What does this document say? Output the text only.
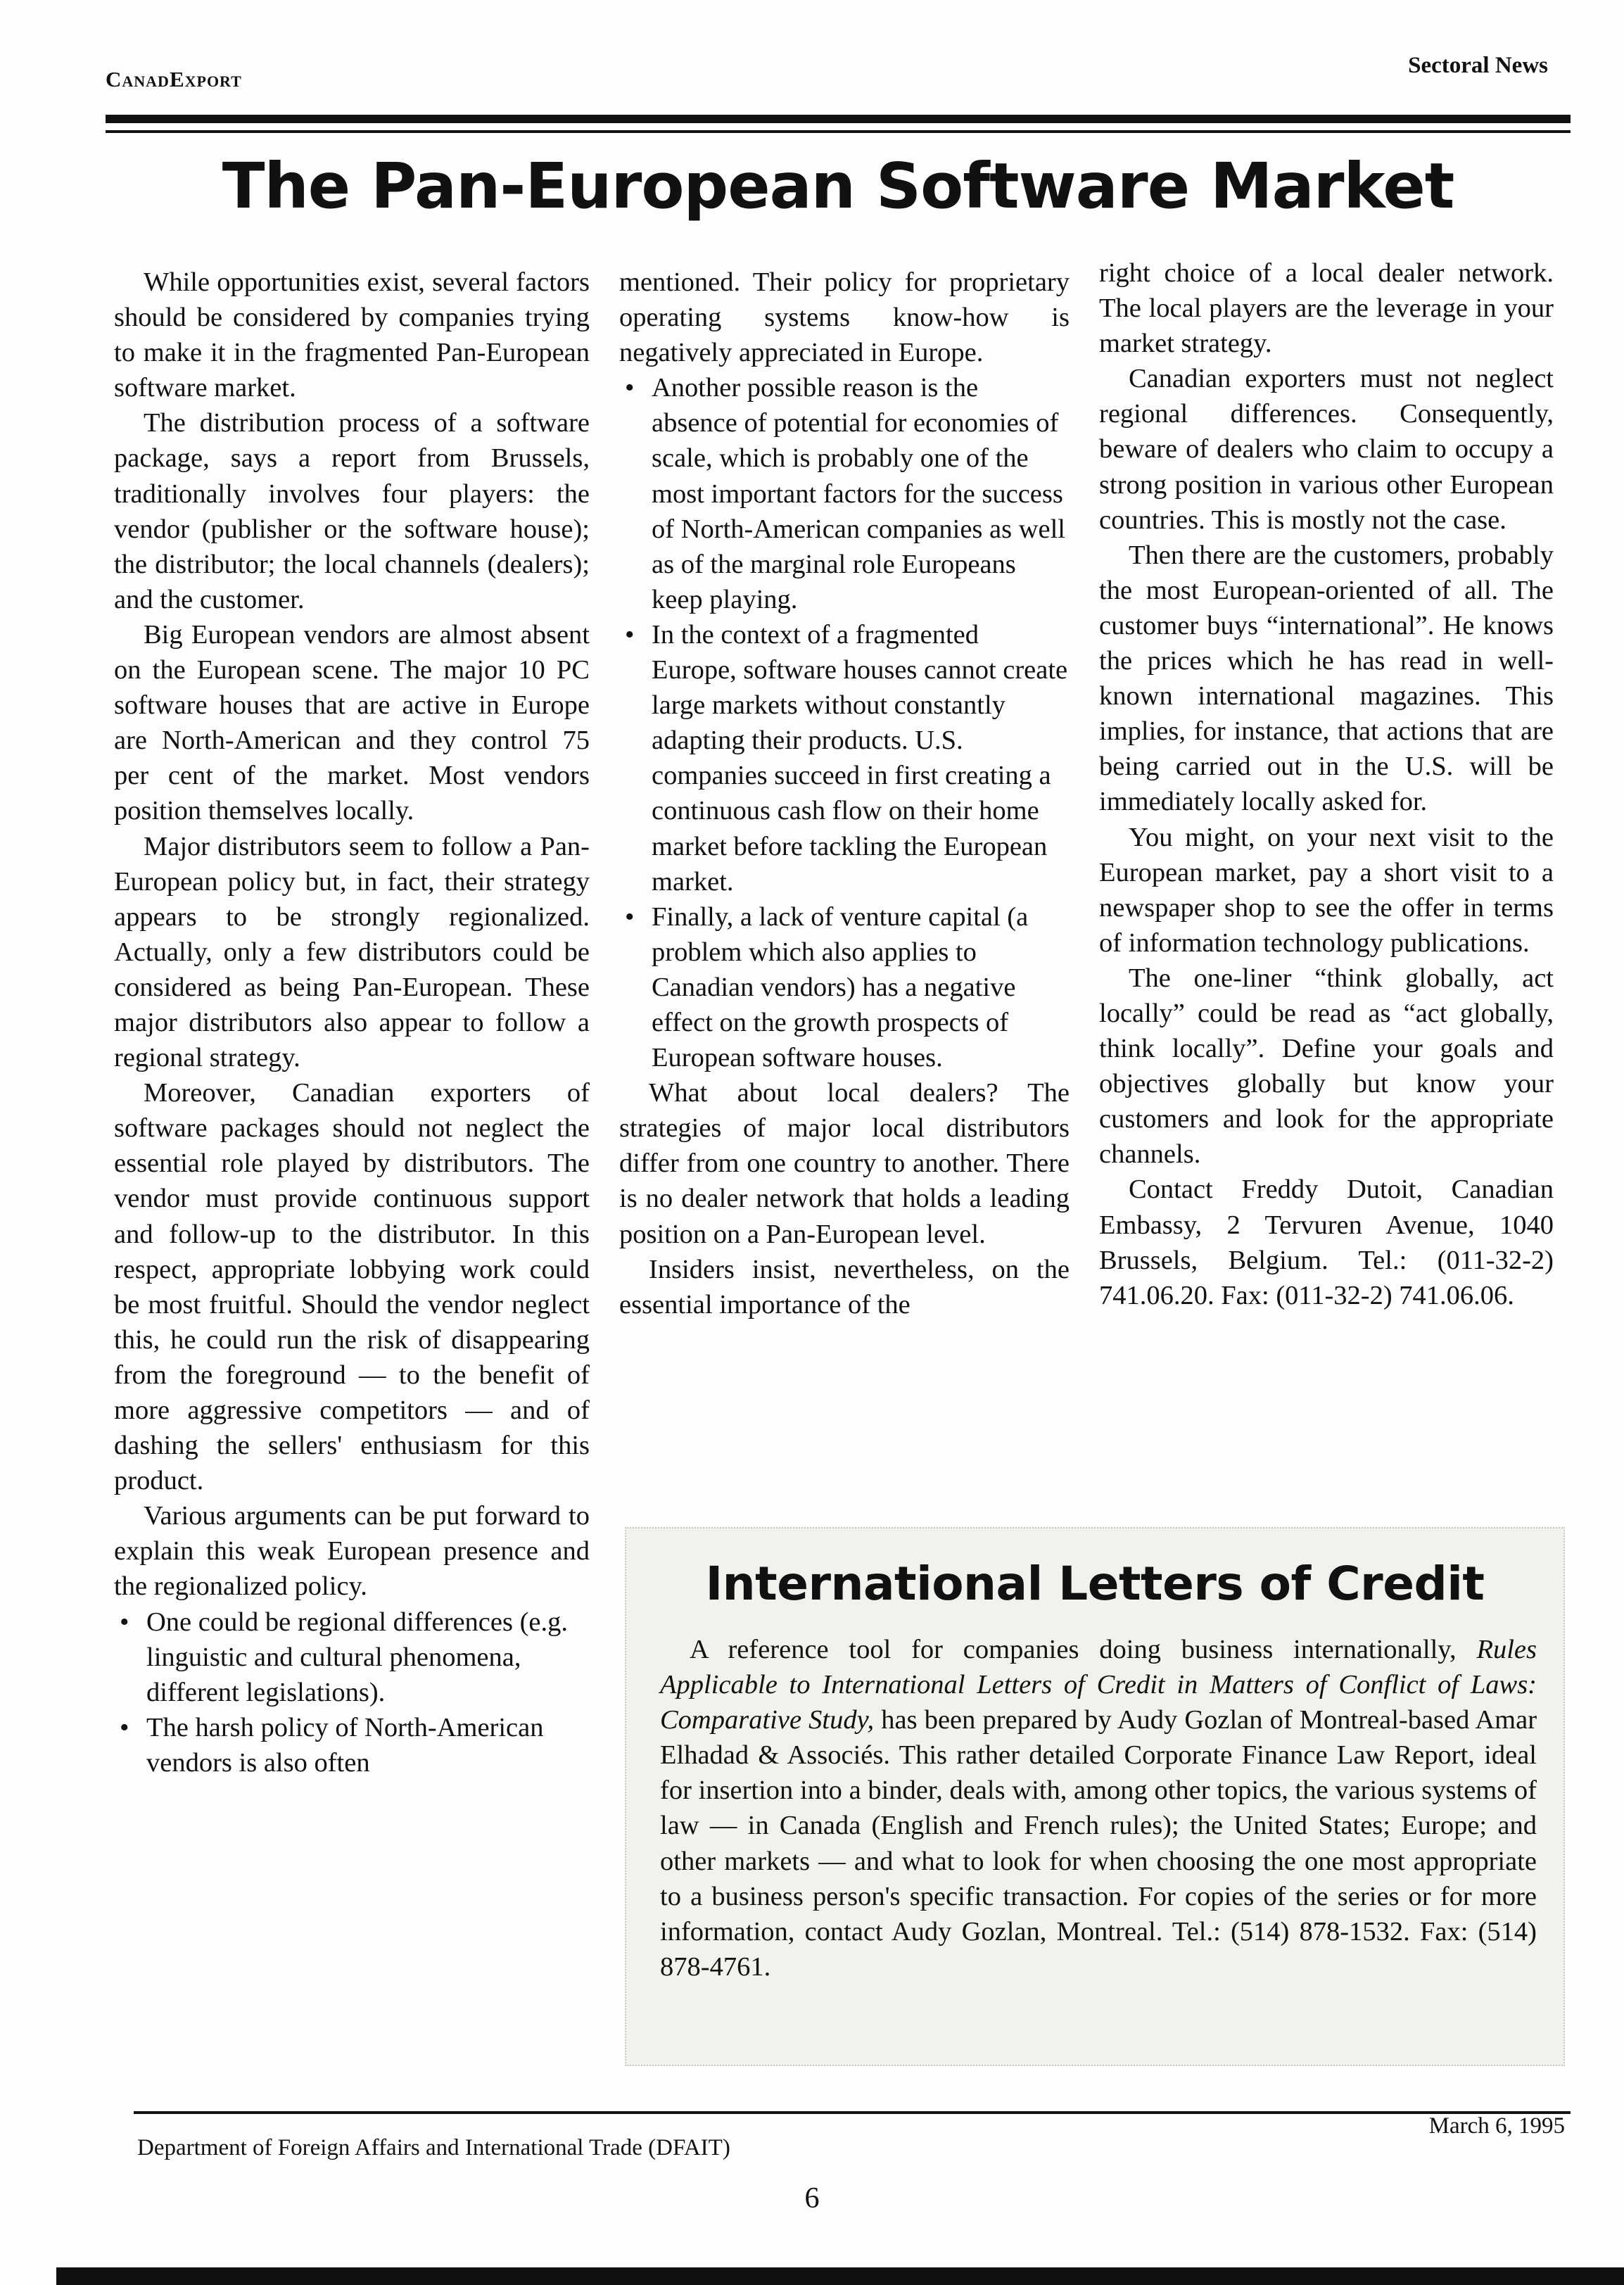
CanadExport
Sectoral News
The Pan-European Software Market

While opportunities exist, several factors should be considered by companies trying to make it in the fragmented Pan-European software market.

The distribution process of a software package, says a report from Brussels, traditionally involves four players: the vendor (publisher or the software house); the distributor; the local channels (dealers); and the customer.

Big European vendors are almost absent on the European scene. The major 10 PC software houses that are active in Europe are North-American and they control 75 per cent of the market. Most vendors position themselves locally.

Major distributors seem to follow a Pan-European policy but, in fact, their strategy appears to be strongly regionalized. Actually, only a few distributors could be considered as being Pan-European. These major distributors also appear to follow a regional strategy.

Moreover, Canadian exporters of software packages should not neglect the essential role played by distributors. The vendor must provide continuous support and follow-up to the distributor. In this respect, appropriate lobbying work could be most fruitful. Should the vendor neglect this, he could run the risk of disappearing from the foreground — to the benefit of more aggressive competitors — and of dashing the sellers' enthusiasm for this product.

Various arguments can be put forward to explain this weak European presence and the regionalized policy.

• One could be regional differences (e.g. linguistic and cultural phenomena, different legislations).
• The harsh policy of North-American vendors is also often

mentioned. Their policy for proprietary operating systems know-how is negatively appreciated in Europe.

• Another possible reason is the absence of potential for economies of scale, which is probably one of the most important factors for the success of North-American companies as well as of the marginal role Europeans keep playing.
• In the context of a fragmented Europe, software houses cannot create large markets without constantly adapting their products. U.S. companies succeed in first creating a continuous cash flow on their home market before tackling the European market.
• Finally, a lack of venture capital (a problem which also applies to Canadian vendors) has a negative effect on the growth prospects of European software houses.

What about local dealers? The strategies of major local distributors differ from one country to another. There is no dealer network that holds a leading position on a Pan-European level.

Insiders insist, nevertheless, on the essential importance of the

right choice of a local dealer network. The local players are the leverage in your market strategy.

Canadian exporters must not neglect regional differences. Consequently, beware of dealers who claim to occupy a strong position in various other European countries. This is mostly not the case.

Then there are the customers, probably the most European-oriented of all. The customer buys “international”. He knows the prices which he has read in well-known international magazines. This implies, for instance, that actions that are being carried out in the U.S. will be immediately locally asked for.

You might, on your next visit to the European market, pay a short visit to a newspaper shop to see the offer in terms of information technology publications.

The one-liner “think globally, act locally” could be read as “act globally, think locally”. Define your goals and objectives globally but know your customers and look for the appropriate channels.

Contact Freddy Dutoit, Canadian Embassy, 2 Tervuren Avenue, 1040 Brussels, Belgium. Tel.: (011-32-2) 741.06.20. Fax: (011-32-2) 741.06.06.

International Letters of Credit
A reference tool for companies doing business internationally, Rules Applicable to International Letters of Credit in Matters of Conflict of Laws: Comparative Study, has been prepared by Audy Gozlan of Montreal-based Amar Elhadad & Associés. This rather detailed Corporate Finance Law Report, ideal for insertion into a binder, deals with, among other topics, the various systems of law — in Canada (English and French rules); the United States; Europe; and other markets — and what to look for when choosing the one most appropriate to a business person's specific transaction. For copies of the series or for more information, contact Audy Gozlan, Montreal. Tel.: (514) 878-1532. Fax: (514) 878-4761.
Department of Foreign Affairs and International Trade (DFAIT)
March 6, 1995
6
